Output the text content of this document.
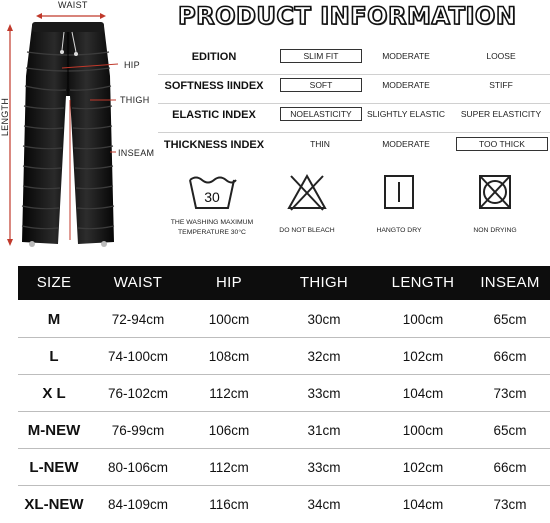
WAIST
HIP
THIGH
INSEAM
LENGTH
PRODUCT INFORMATION
EDITION	SLIM FIT	MODERATE	LOOSE
SOFTNESS lINDEX	SOFT	MODERATE	STIFF
ELASTIC INDEX	NOELASTICITY	SLIGHTLY ELASTIC	SUPER ELASTICITY
THICKNESS INDEX	THIN	MODERATE	TOO THICK
30
THE WASHING MAXIMUM
TEMPERATURE 30°C	DO NOT BLEACH	HANGTO DRY	NON DRYING
SIZE	WAIST	HIP	THIGH	LENGTH	INSEAM
M	72-94cm	100cm	30cm	100cm	65cm
L	74-100cm	108cm	32cm	102cm	66cm
X L	76-102cm	112cm	33cm	104cm	73cm
M-NEW	76-99cm	106cm	31cm	100cm	65cm
L-NEW	80-106cm	112cm	33cm	102cm	66cm
XL-NEW	84-109cm	116cm	34cm	104cm	73cm
